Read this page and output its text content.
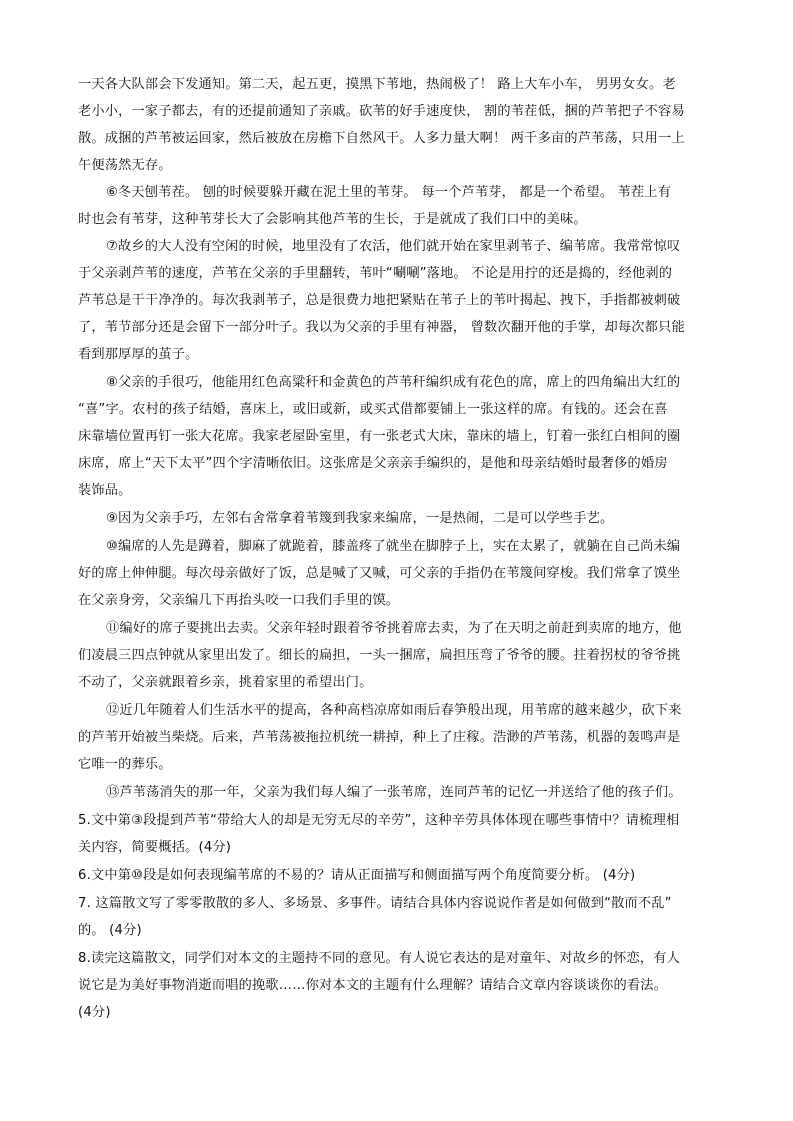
一天各大队部会下发通知。第二天，起五更，摸黑下苇地，热闹极了！ 路上大车小车， 男男女女。老
老小小，一家子都去，有的还提前通知了亲戚。砍苇的好手速度快， 割的苇茬低，捆的芦苇把子不容易
散。成捆的芦苇被运回家，然后被放在房檐下自然风干。人多力量大啊！ 两千多亩的芦苇荡，只用一上
午便荡然无存。
⑥冬天刨苇茬。 刨的时候要躲开藏在泥土里的苇芽。 每一个芦苇芽， 都是一个希望。 苇茬上有
时也会有苇芽，这种苇芽长大了会影响其他芦苇的生长，于是就成了我们口中的美味。
⑦故乡的大人没有空闲的时候，地里没有了农活，他们就开始在家里剥苇子、编苇席。我常常惊叹
于父亲剥芦苇的速度，芦苇在父亲的手里翻转，苇叶“唰唰”落地。 不论是用拧的还是捣的，经他剥的
芦苇总是干干净净的。每次我剥苇子，总是很费力地把紧贴在苇子上的苇叶揭起、拽下，手指都被刺破
了，苇节部分还是会留下一部分叶子。我以为父亲的手里有神器， 曾数次翻开他的手掌，却每次都只能
看到那厚厚的茧子。
⑧父亲的手很巧，他能用红色高粱秆和金黄色的芦苇秆编织成有花色的席，席上的四角编出大红的
“喜”字。农村的孩子结婚，喜床上，或旧或新，或买式借都要铺上一张这样的席。有钱的。还会在喜
床靠墙位置再钉一张大花席。我家老屋卧室里，有一张老式大床，靠床的墙上，钉着一张红白相间的圈
床席，席上“天下太平”四个字清晰依旧。这张席是父亲亲手编织的，是他和母亲结婚时最奢侈的婚房
装饰品。
⑨因为父亲手巧，左邻右舍常拿着苇篾到我家来编席，一是热闹，二是可以学些手艺。
⑩编席的人先是蹲着，脚麻了就跪着，膝盖疼了就坐在脚脖子上，实在太累了，就躺在自己尚未编
好的席上伸伸腿。每次母亲做好了饭，总是喊了又喊，可父亲的手指仍在苇篾间穿梭。我们常拿了馍坐
在父亲身旁，父亲编几下再抬头咬一口我们手里的馍。
⑪编好的席子要挑出去卖。父亲年轻时跟着爷爷挑着席去卖，为了在天明之前赶到卖席的地方，他
们凌晨三四点钟就从家里出发了。细长的扁担，一头一捆席，扁担压弯了爷爷的腰。拄着拐杖的爷爷挑
不动了，父亲就跟着乡亲，挑着家里的希望出门。
⑫近几年随着人们生活水平的提高，各种高档凉席如雨后春笋般出现，用苇席的越来越少，砍下来
的芦苇开始被当柴烧。后来，芦苇荡被拖拉机统一耕掉，种上了庄稼。浩渺的芦苇荡，机器的轰鸣声是
它唯一的葬乐。
⑬芦苇荡消失的那一年，父亲为我们每人编了一张苇席，连同芦苇的记忆一并送给了他的孩子们。
5.文中第③段提到芦苇“带给大人的却是无穷无尽的辛劳”，这种辛劳具体体现在哪些事情中？请梳理相
关内容，简要概括。(4分)
6.文中第⑩段是如何表现编苇席的不易的？请从正面描写和侧面描写两个角度简要分析。 (4分)
7. 这篇散文写了零零散散的多人、多场景、多事件。请结合具体内容说说作者是如何做到“散而不乱”
的。 (4分)
8.读完这篇散文，同学们对本文的主题持不同的意见。有人说它表达的是对童年、对故乡的怀恋，有人
说它是为美好事物消逝而唱的挽歌……你对本文的主题有什么理解？请结合文章内容谈谈你的看法。
(4分)
